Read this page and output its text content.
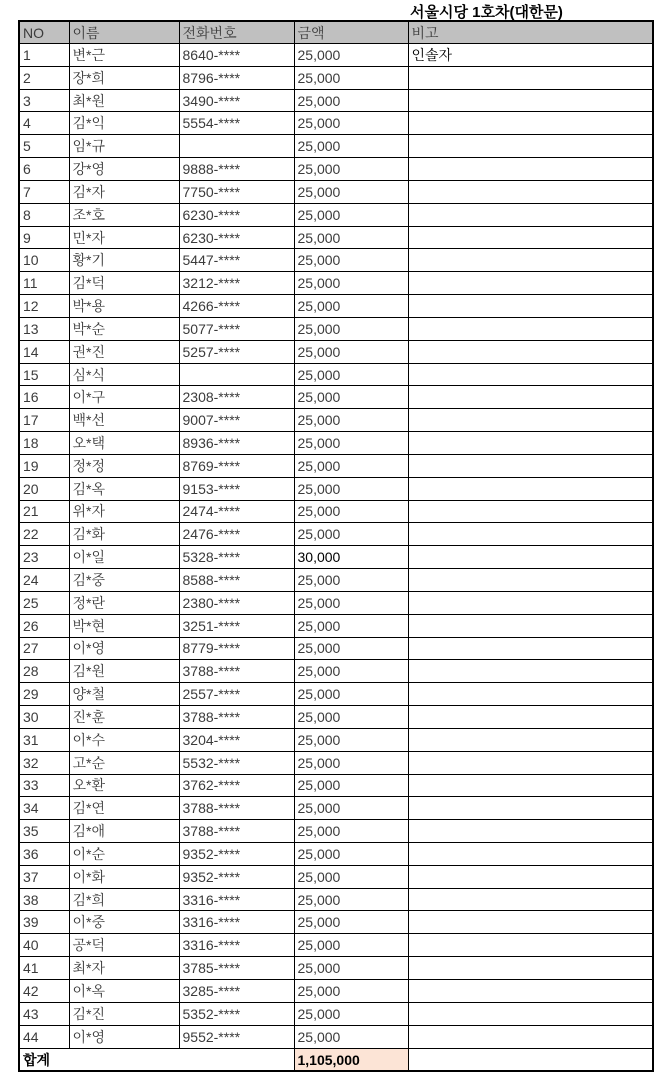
서울시당 1호차(대한문)
NO	이름	전화번호	금액	비고
1	변*근	8640-****	25,000	인솔자
2	장*희	8796-****	25,000	
3	최*원	3490-****	25,000	
4	김*익	5554-****	25,000	
5	임*규		25,000	
6	강*영	9888-****	25,000	
7	김*자	7750-****	25,000	
8	조*호	6230-****	25,000	
9	민*자	6230-****	25,000	
10	황*기	5447-****	25,000	
11	김*덕	3212-****	25,000	
12	박*용	4266-****	25,000	
13	박*순	5077-****	25,000	
14	권*진	5257-****	25,000	
15	심*식		25,000	
16	이*구	2308-****	25,000	
17	백*선	9007-****	25,000	
18	오*택	8936-****	25,000	
19	정*정	8769-****	25,000	
20	김*옥	9153-****	25,000	
21	위*자	2474-****	25,000	
22	김*화	2476-****	25,000	
23	이*일	5328-****	30,000	
24	김*중	8588-****	25,000	
25	정*란	2380-****	25,000	
26	박*현	3251-****	25,000	
27	이*영	8779-****	25,000	
28	김*원	3788-****	25,000	
29	양*철	2557-****	25,000	
30	진*훈	3788-****	25,000	
31	이*수	3204-****	25,000	
32	고*순	5532-****	25,000	
33	오*환	3762-****	25,000	
34	김*연	3788-****	25,000	
35	김*애	3788-****	25,000	
36	이*순	9352-****	25,000	
37	이*화	9352-****	25,000	
38	김*희	3316-****	25,000	
39	이*중	3316-****	25,000	
40	공*덕	3316-****	25,000	
41	최*자	3785-****	25,000	
42	이*옥	3285-****	25,000	
43	김*진	5352-****	25,000	
44	이*영	9552-****	25,000	
합계			1,105,000	
